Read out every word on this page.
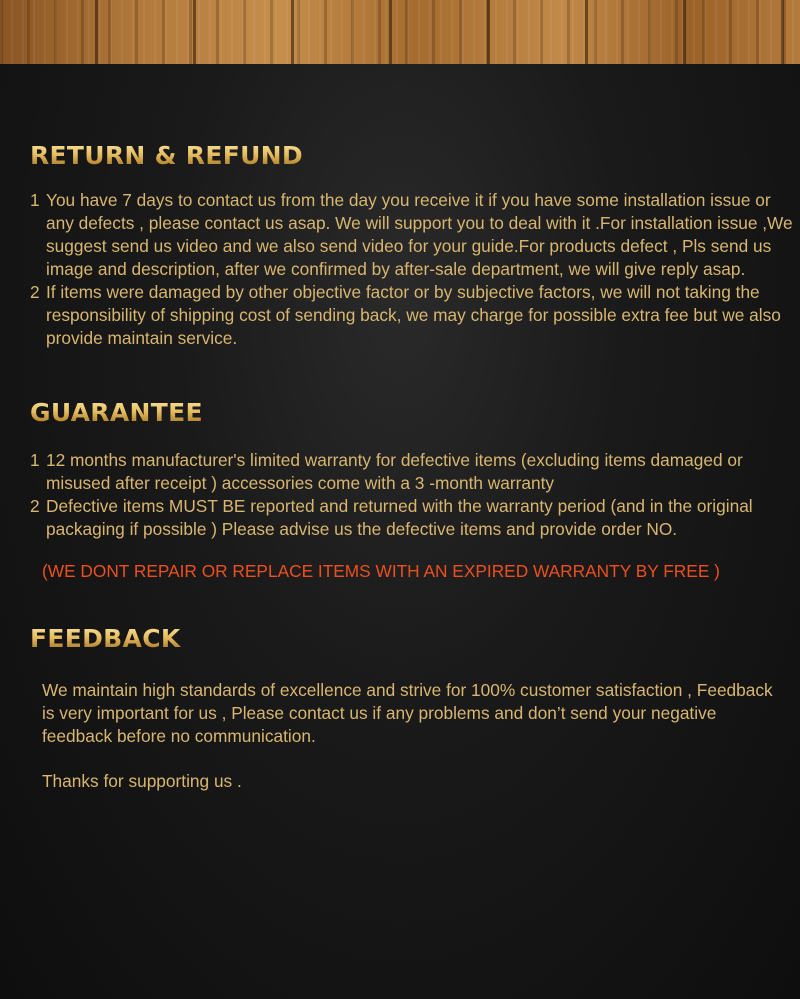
RETURN & REFUND
1 You have 7 days to contact us from the day you receive it if you have some installation issue or any defects , please contact us asap. We will support you to deal with it .For installation issue ,We suggest send us video and we also send video for your guide.For products defect , Pls send us image and description, after we confirmed by after-sale department, we will give reply asap.
2 If items were damaged by other objective factor or by subjective factors, we will not taking the responsibility of shipping cost of sending back, we may charge for possible extra fee but we also provide maintain service.
GUARANTEE
1 12 months manufacturer's limited warranty for defective items (excluding items damaged or misused after receipt ) accessories come with a 3 -month warranty
2 Defective items MUST BE reported and returned with the warranty period (and in the original packaging if possible ) Please advise us the defective items and provide order NO.

(WE DONT REPAIR OR REPLACE ITEMS WITH AN EXPIRED WARRANTY BY FREE )

FEEDBACK

We maintain high standards of excellence and strive for 100% customer satisfaction , Feedback is very important for us , Please contact us if any problems and don’t send your negative feedback before no communication.

Thanks for supporting us .
